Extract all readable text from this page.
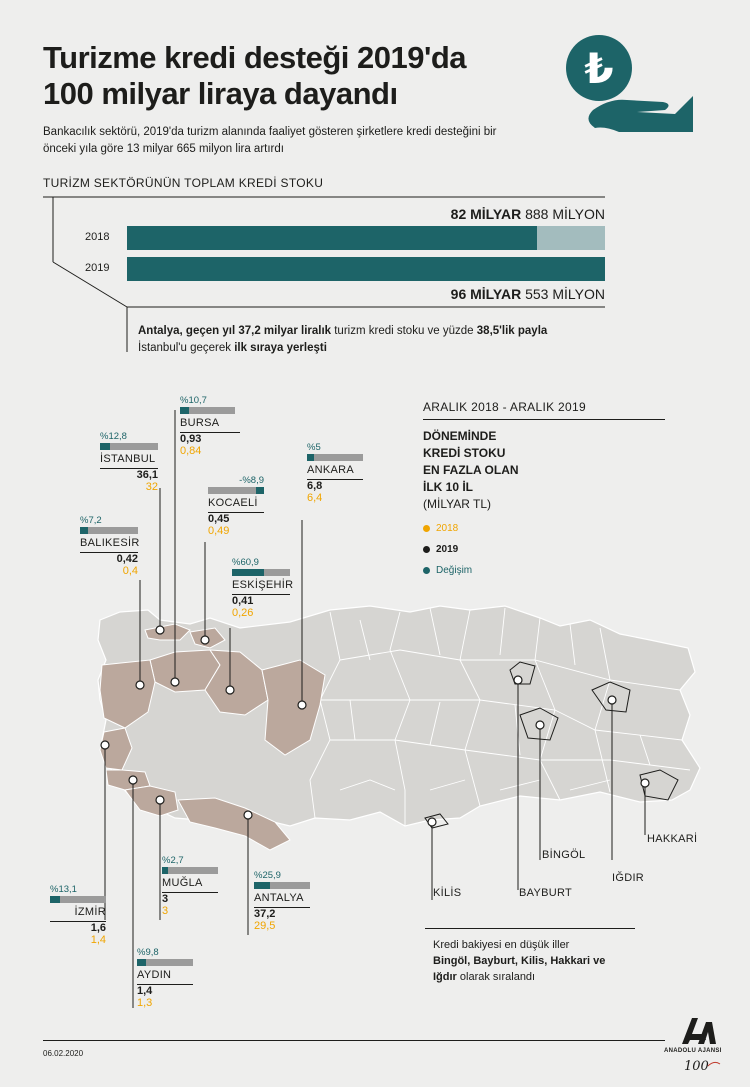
Turizme kredi desteği 2019'da
100 milyar liraya dayandı
Bankacılık sektörü, 2019'da turizm alanında faaliyet gösteren şirketlere kredi desteğini bir önceki yıla göre 13 milyar 665 milyon lira artırdı
₺
TURİZM SEKTÖRÜNÜN TOPLAM KREDİ STOKU
82 MİLYAR 888 MİLYON
2018
2019
96 MİLYAR 553 MİLYON
Antalya, geçen yıl 37,2 milyar liralık turizm kredi stoku ve yüzde 38,5'lik payla
İstanbul'u geçerek ilk sıraya yerleşti
%10,7
BURSA
0,93
0,84
%12,8
İSTANBUL
36,1
32
%5
ANKARA
6,8
6,4
-%8,9
KOCAELİ
0,45
0,49
%7,2
BALIKESİR
0,42
0,4
%60,9
ESKİŞEHİR
0,41
0,26
%2,7
MUĞLA
3
3
%25,9
ANTALYA
37,2
29,5
%13,1
İZMİR
1,6
1,4
%9,8
AYDIN
1,4
1,3
ARALIK 2018 - ARALIK 2019
DÖNEMİNDE
KREDİ STOKU
EN FAZLA OLAN
İLK 10 İL
(MİLYAR TL)
2018
2019
Değişim
KİLİS	BAYBURT
BİNGÖL
IĞDIR
HAKKARİ
Kredi bakiyesi en düşük iller
Bingöl, Bayburt, Kilis, Hakkari ve
Iğdır olarak sıralandı
06.02.2020	ANADOLU AJANSI
100
